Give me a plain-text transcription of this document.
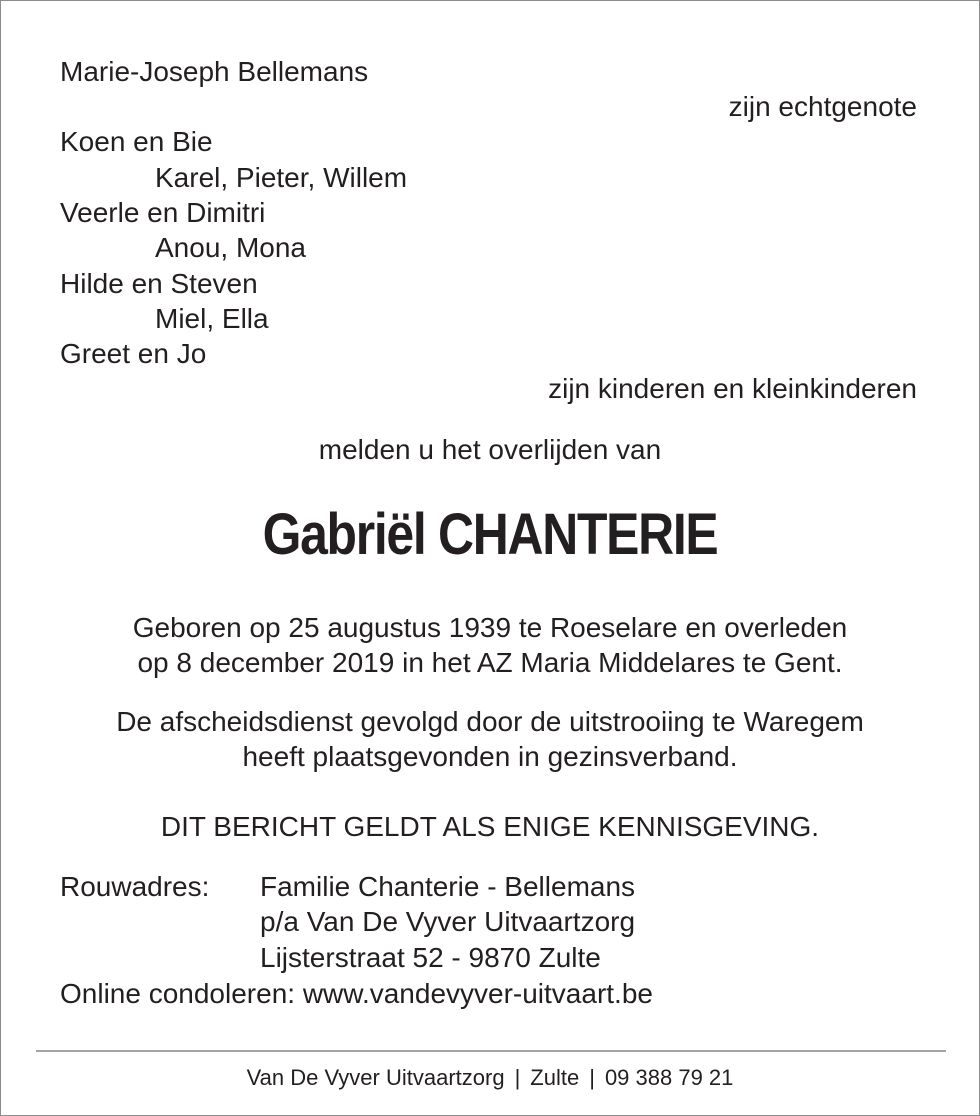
Marie-Joseph Bellemans
zijn echtgenote
Koen en Bie
Karel, Pieter, Willem
Veerle en Dimitri
Anou, Mona
Hilde en Steven
Miel, Ella
Greet en Jo
zijn kinderen en kleinkinderen
melden u het overlijden van
Gabriël CHANTERIE
Geboren op 25 augustus 1939 te Roeselare en overleden
op 8 december 2019 in het AZ Maria Middelares te Gent.
De afscheidsdienst gevolgd door de uitstrooiing te Waregem
heeft plaatsgevonden in gezinsverband.
DIT BERICHT GELDT ALS ENIGE KENNISGEVING.
Rouwadres: Familie Chanterie - Bellemans
p/a Van De Vyver Uitvaartzorg
Lijsterstraat 52 - 9870 Zulte
Online condoleren: www.vandevyver-uitvaart.be
Van De Vyver Uitvaartzorg | Zulte | 09 388 79 21
